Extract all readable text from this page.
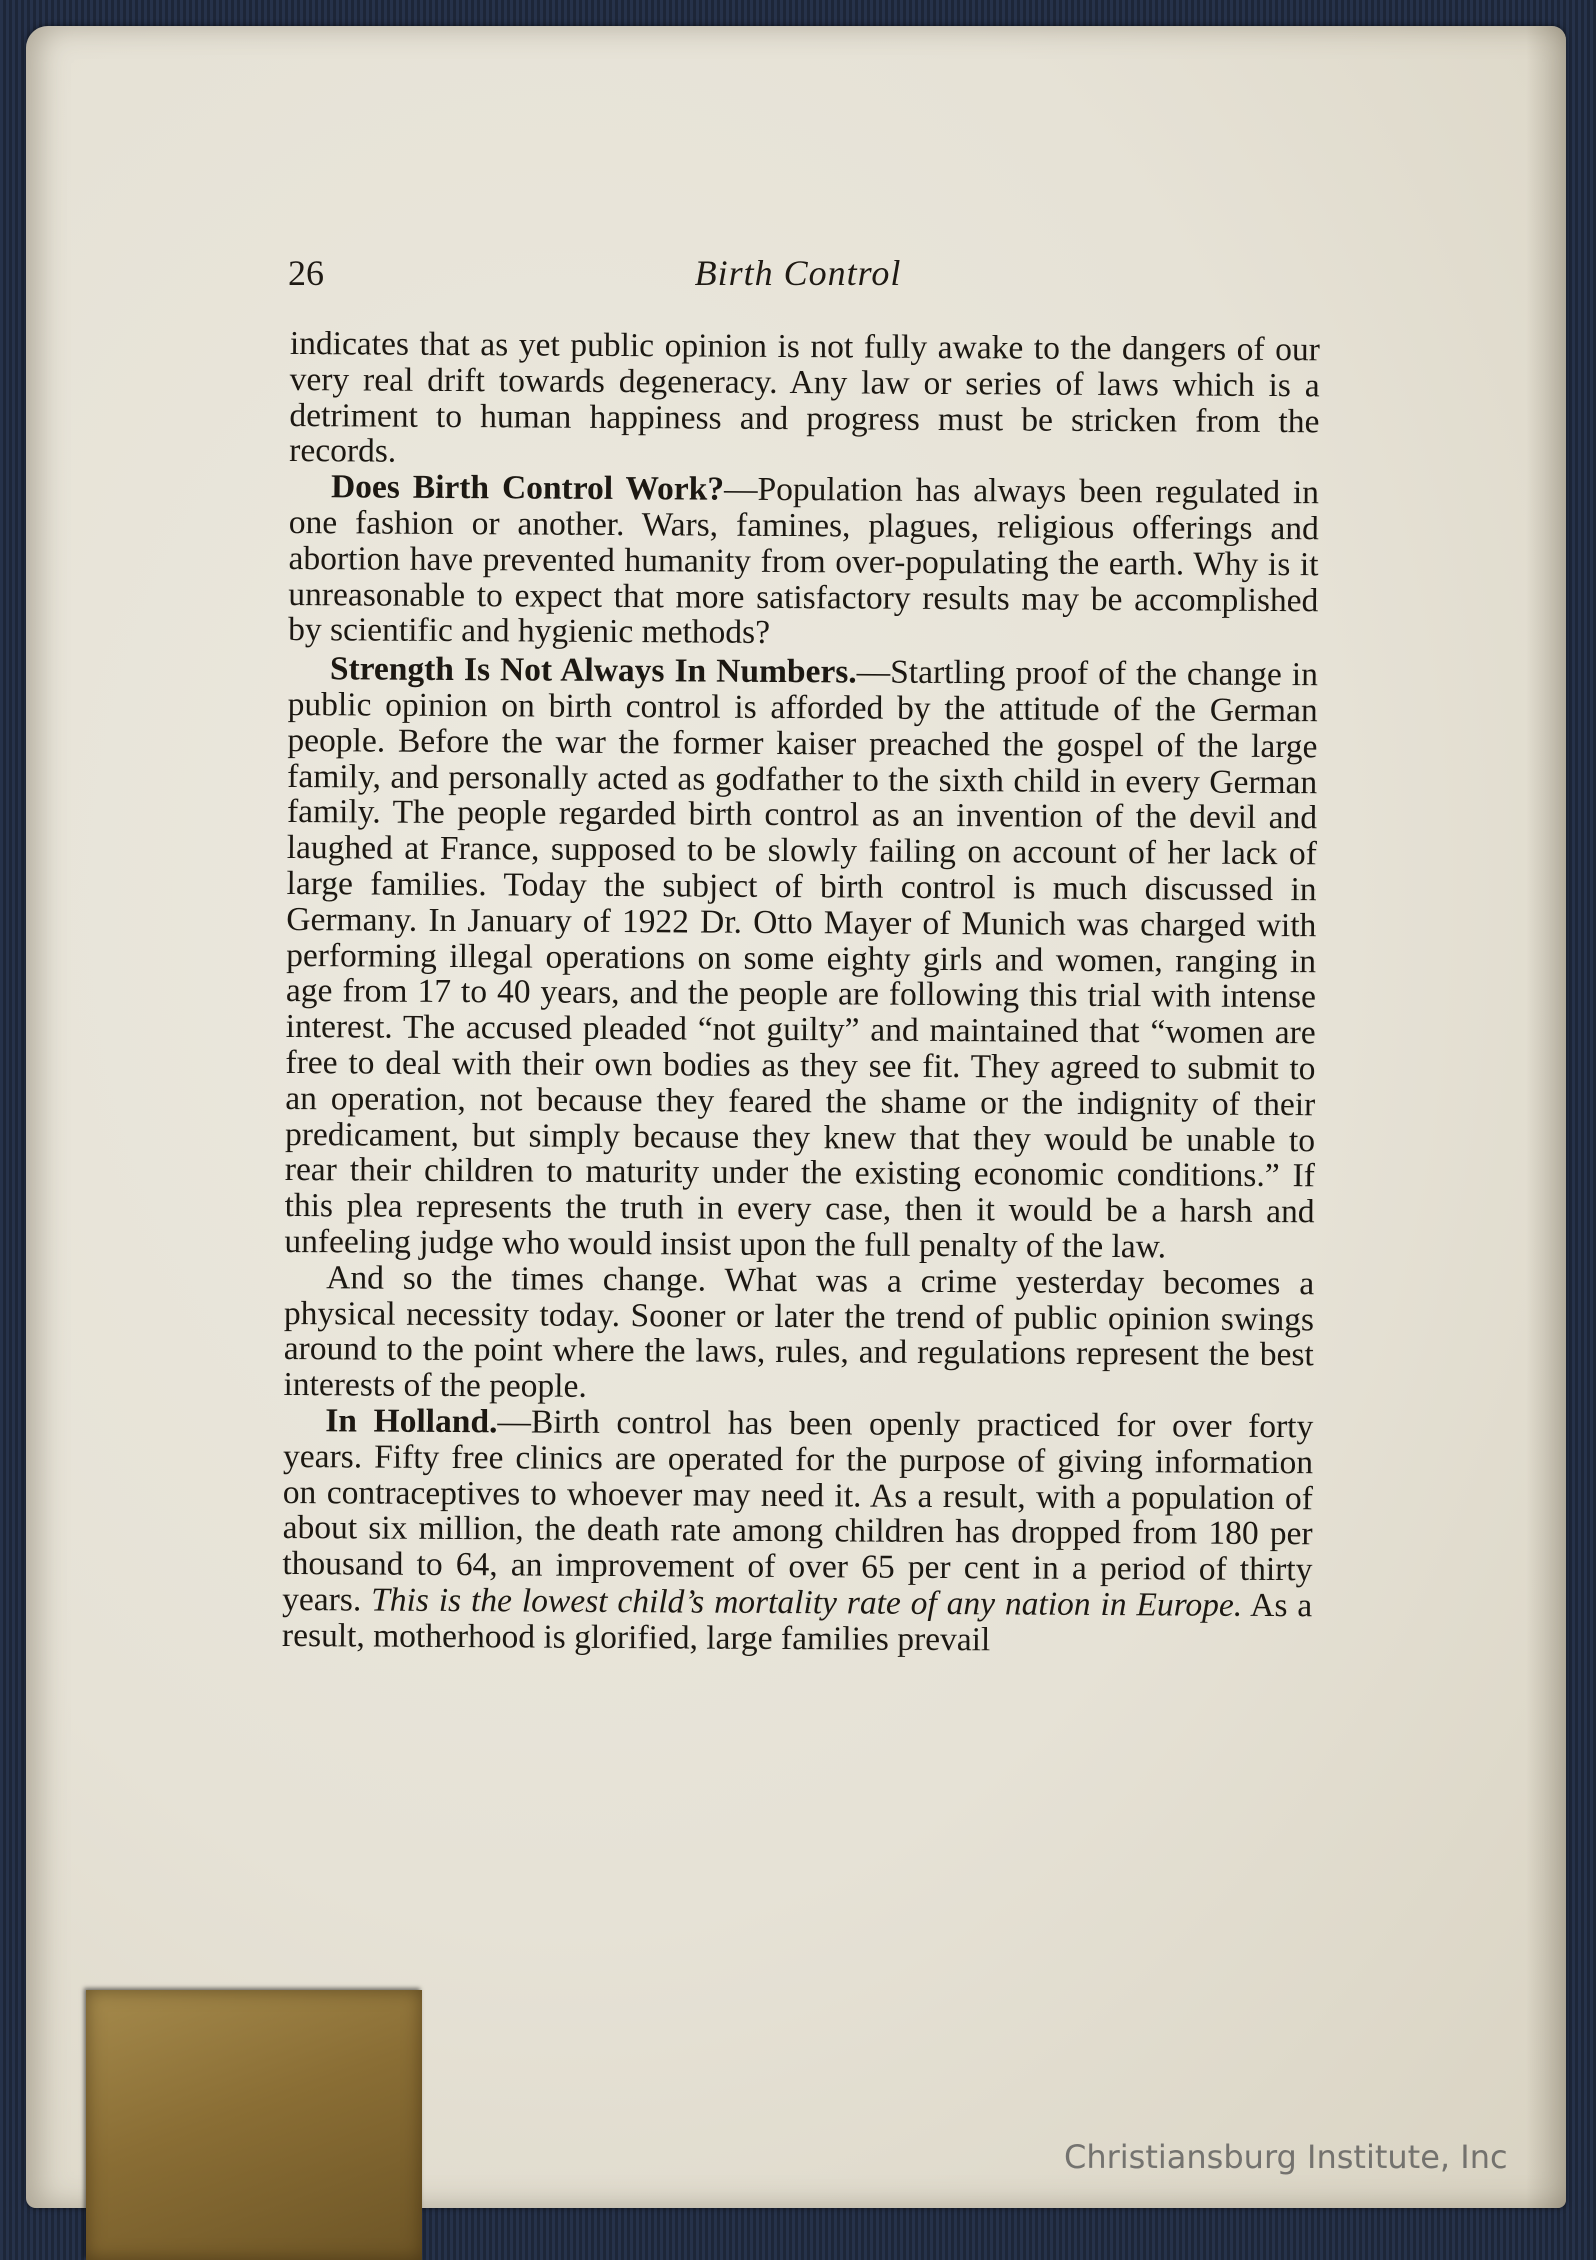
26	Birth Control

indicates that as yet public opinion is not fully awake to the dangers of our very real drift towards degeneracy. Any law or series of laws which is a detriment to human happiness and progress must be stricken from the records.

Does Birth Control Work?—Population has always been regulated in one fashion or another. Wars, famines, plagues, religious offerings and abortion have prevented humanity from over-populating the earth. Why is it unreasonable to expect that more satisfactory results may be accomplished by scientific and hygienic methods?

Strength Is Not Always In Numbers.—Startling proof of the change in public opinion on birth control is afforded by the attitude of the German people. Before the war the former kaiser preached the gospel of the large family, and personally acted as godfather to the sixth child in every German family. The people regarded birth control as an invention of the devil and laughed at France, supposed to be slowly failing on account of her lack of large families. Today the subject of birth control is much discussed in Germany. In January of 1922 Dr. Otto Mayer of Munich was charged with performing illegal operations on some eighty girls and women, ranging in age from 17 to 40 years, and the people are following this trial with intense interest. The accused pleaded “not guilty” and maintained that “women are free to deal with their own bodies as they see fit. They agreed to submit to an operation, not because they feared the shame or the indignity of their predicament, but simply because they knew that they would be unable to rear their children to maturity under the existing economic conditions.” If this plea represents the truth in every case, then it would be a harsh and unfeeling judge who would insist upon the full penalty of the law.

And so the times change. What was a crime yesterday becomes a physical necessity today. Sooner or later the trend of public opinion swings around to the point where the laws, rules, and regulations represent the best interests of the people.

In Holland.—Birth control has been openly practiced for over forty years. Fifty free clinics are operated for the purpose of giving information on contraceptives to whoever may need it. As a result, with a population of about six million, the death rate among children has dropped from 180 per thousand to 64, an improvement of over 65 per cent in a period of thirty years. This is the lowest child’s mortality rate of any nation in Europe. As a result, motherhood is glorified, large families prevail

Christiansburg Institute, Inc
